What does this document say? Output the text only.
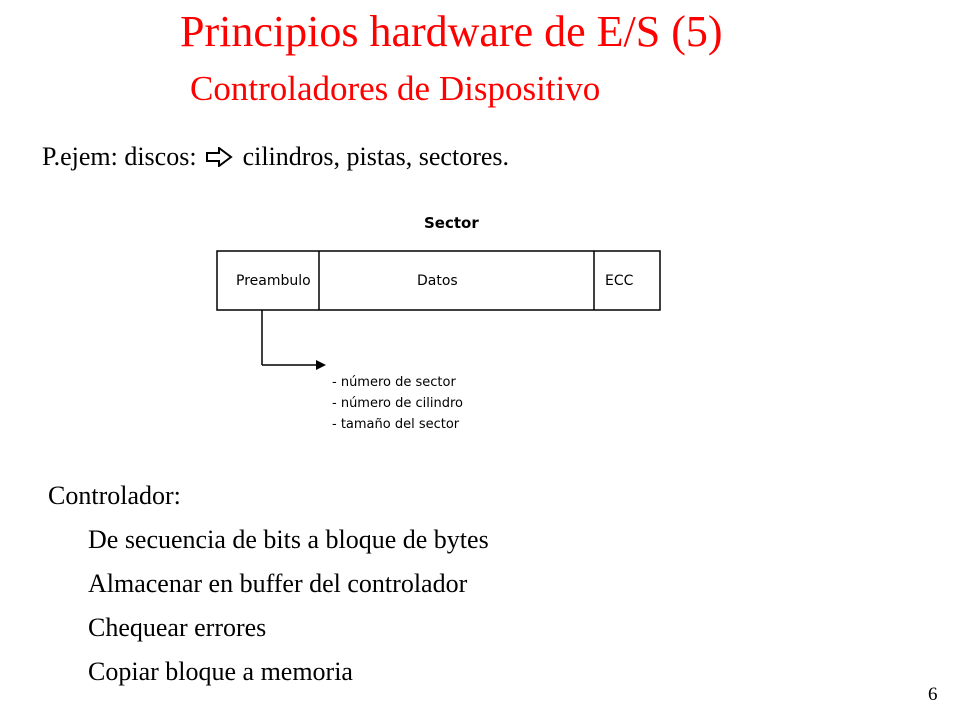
Principios hardware de E/S (5)
Controladores de Dispositivo
P.ejem: discos: cilindros, pistas, sectores.
Sector
Preambulo	Datos	ECC
- número de sector
- número de cilindro
- tamaño del sector
Controlador:
De secuencia de bits a bloque de bytes
Almacenar en buffer del controlador
Chequear errores
Copiar bloque a memoria
6
